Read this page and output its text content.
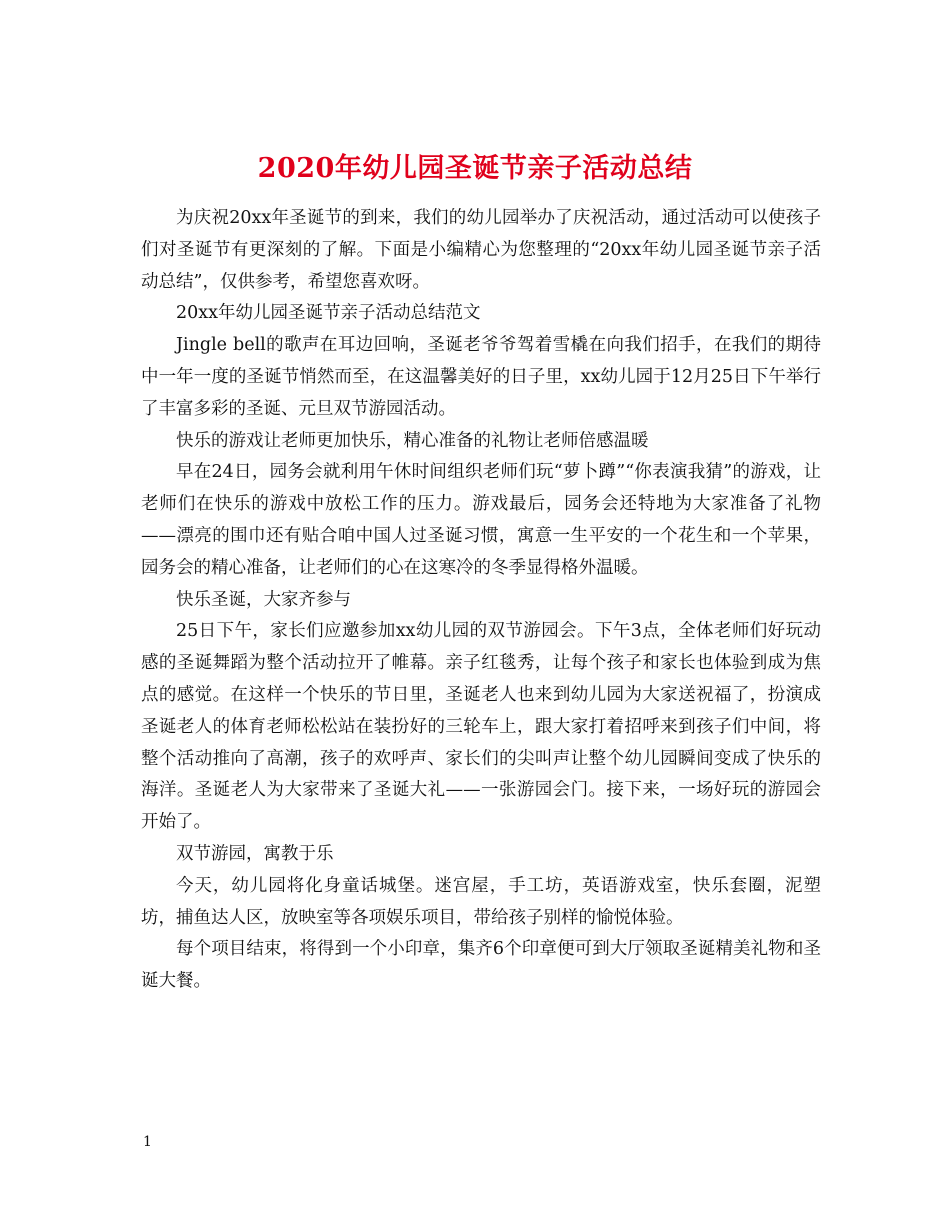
2020年幼儿园圣诞节亲子活动总结

为庆祝20xx年圣诞节的到来，我们的幼儿园举办了庆祝活动，通过活动可以使孩子们对圣诞节有更深刻的了解。下面是小编精心为您整理的“20xx年幼儿园圣诞节亲子活动总结”，仅供参考，希望您喜欢呀。

20xx年幼儿园圣诞节亲子活动总结范文

Jingle bell的歌声在耳边回响，圣诞老爷爷驾着雪橇在向我们招手，在我们的期待中一年一度的圣诞节悄然而至，在这温馨美好的日子里，xx幼儿园于12月25日下午举行了丰富多彩的圣诞、元旦双节游园活动。

快乐的游戏让老师更加快乐，精心准备的礼物让老师倍感温暖

早在24日，园务会就利用午休时间组织老师们玩“萝卜蹲”“你表演我猜”的游戏，让老师们在快乐的游戏中放松工作的压力。游戏最后，园务会还特地为大家准备了礼物——漂亮的围巾还有贴合咱中国人过圣诞习惯，寓意一生平安的一个花生和一个苹果，园务会的精心准备，让老师们的心在这寒冷的冬季显得格外温暖。

快乐圣诞，大家齐参与

25日下午，家长们应邀参加xx幼儿园的双节游园会。下午3点，全体老师们好玩动感的圣诞舞蹈为整个活动拉开了帷幕。亲子红毯秀，让每个孩子和家长也体验到成为焦点的感觉。在这样一个快乐的节日里，圣诞老人也来到幼儿园为大家送祝福了，扮演成圣诞老人的体育老师松松站在装扮好的三轮车上，跟大家打着招呼来到孩子们中间，将整个活动推向了高潮，孩子的欢呼声、家长们的尖叫声让整个幼儿园瞬间变成了快乐的海洋。圣诞老人为大家带来了圣诞大礼——一张游园会门。接下来，一场好玩的游园会开始了。

双节游园，寓教于乐

今天，幼儿园将化身童话城堡。迷宫屋，手工坊，英语游戏室，快乐套圈，泥塑坊，捕鱼达人区，放映室等各项娱乐项目，带给孩子别样的愉悦体验。

每个项目结束，将得到一个小印章，集齐6个印章便可到大厅领取圣诞精美礼物和圣诞大餐。

1
